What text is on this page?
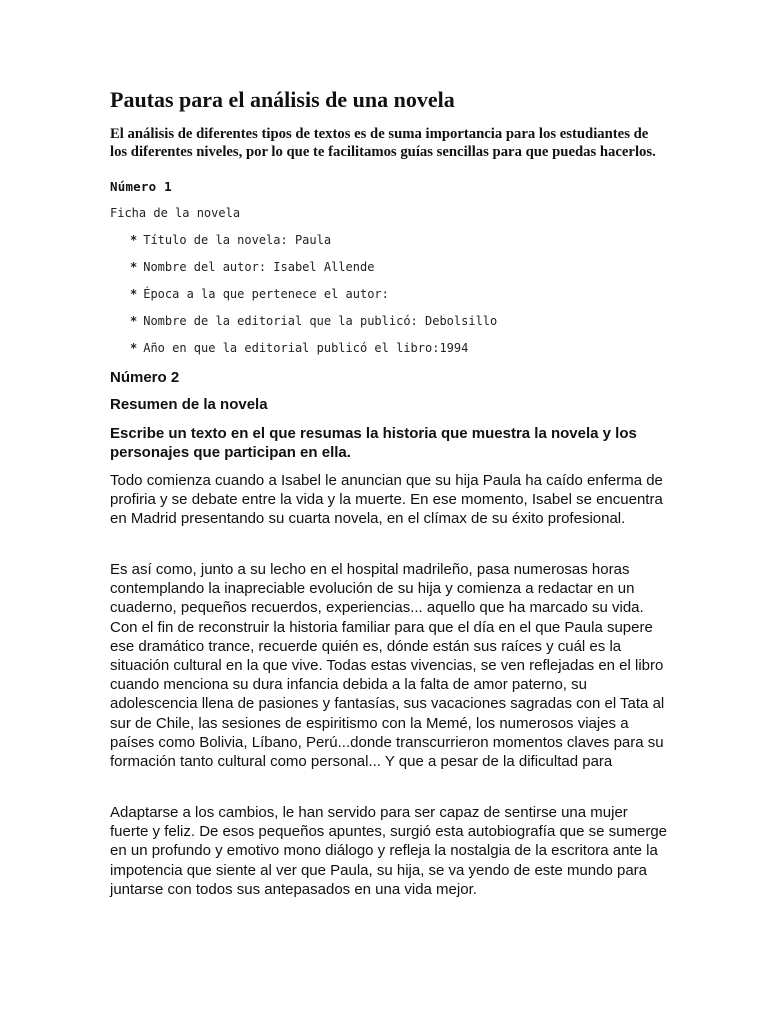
Pautas para el análisis de una novela

El análisis de diferentes tipos de textos es de suma importancia para los estudiantes de los diferentes niveles, por lo que te facilitamos guías sencillas para que puedas hacerlos.

Número 1

Ficha de la novela

* Título de la novela: Paula
* Nombre del autor: Isabel Allende
* Época a la que pertenece el autor:
* Nombre de la editorial que la publicó: Debolsillo
* Año en que la editorial publicó el libro:1994

Número 2

Resumen de la novela

Escribe un texto en el que resumas la historia que muestra la novela y los personajes que participan en ella.

Todo comienza cuando a Isabel le anuncian que su hija Paula ha caído enferma de profiria y se debate entre la vida y la muerte. En ese momento, Isabel se encuentra en Madrid presentando su cuarta novela, en el clímax de su éxito profesional.

Es así como, junto a su lecho en el hospital madrileño, pasa numerosas horas contemplando la inapreciable evolución de su hija y comienza a redactar en un cuaderno, pequeños recuerdos, experiencias... aquello que ha marcado su vida. Con el fin de reconstruir la historia familiar para que el día en el que Paula supere ese dramático trance, recuerde quién es, dónde están sus raíces y cuál es la situación cultural en la que vive. Todas estas vivencias, se ven reflejadas en el libro cuando menciona su dura infancia debida a la falta de amor paterno, su adolescencia llena de pasiones y fantasías, sus vacaciones sagradas con el Tata al sur de Chile, las sesiones de espiritismo con la Memé, los numerosos viajes a países como Bolivia, Líbano, Perú...donde transcurrieron momentos claves para su formación tanto cultural como personal... Y que a pesar de la dificultad para

Adaptarse a los cambios, le han servido para ser capaz de sentirse una mujer fuerte y feliz. De esos pequeños apuntes, surgió esta autobiografía que se sumerge en un profundo y emotivo mono diálogo y refleja la nostalgia de la escritora ante la impotencia que siente al ver que Paula, su hija, se va yendo de este mundo para juntarse con todos sus antepasados en una vida mejor.
